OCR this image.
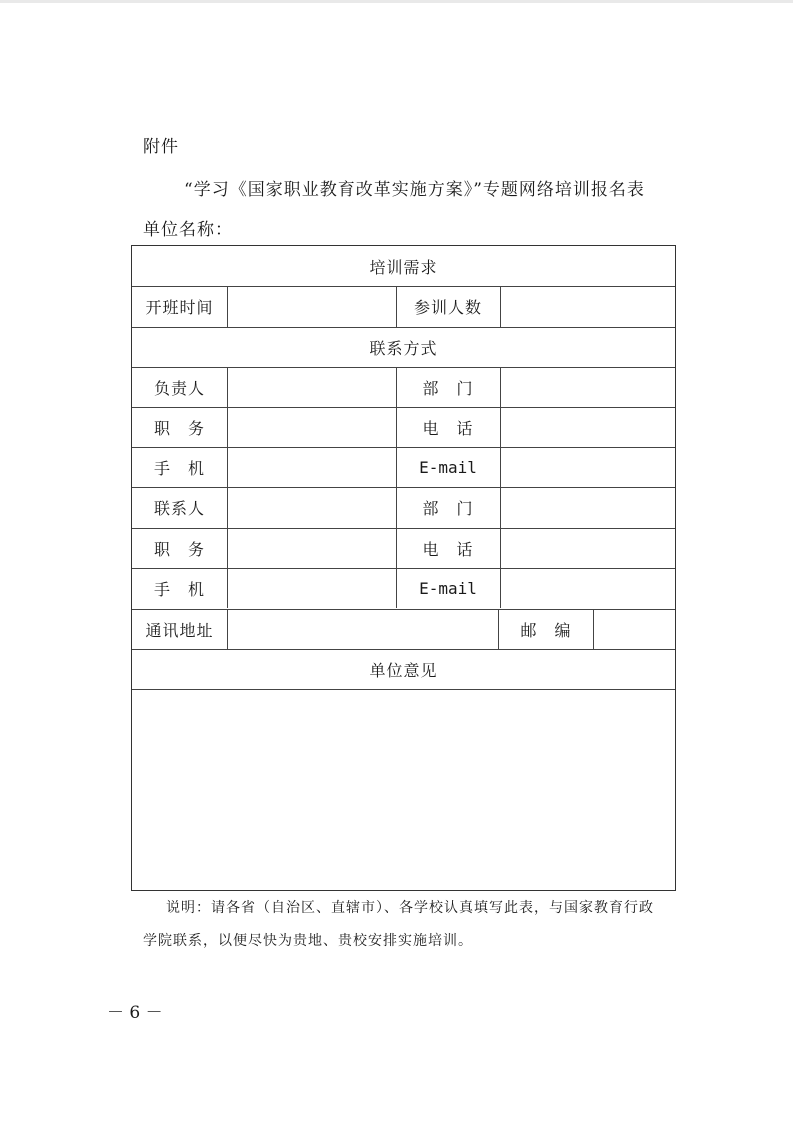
附件
“学习《国家职业教育改革实施方案》”专题网络培训报名表
单位名称：
培训需求
开班时间	参训人数
联系方式
负责人	部　门
职　务	电　话
手　机	E-mail
联系人	部　门
职　务	电　话
手　机	E-mail
通讯地址	邮　编
单位意见
说明：请各省（自治区、直辖市）、各学校认真填写此表，与国家教育行政
学院联系，以便尽快为贵地、贵校安排实施培训。
－ 6 －
